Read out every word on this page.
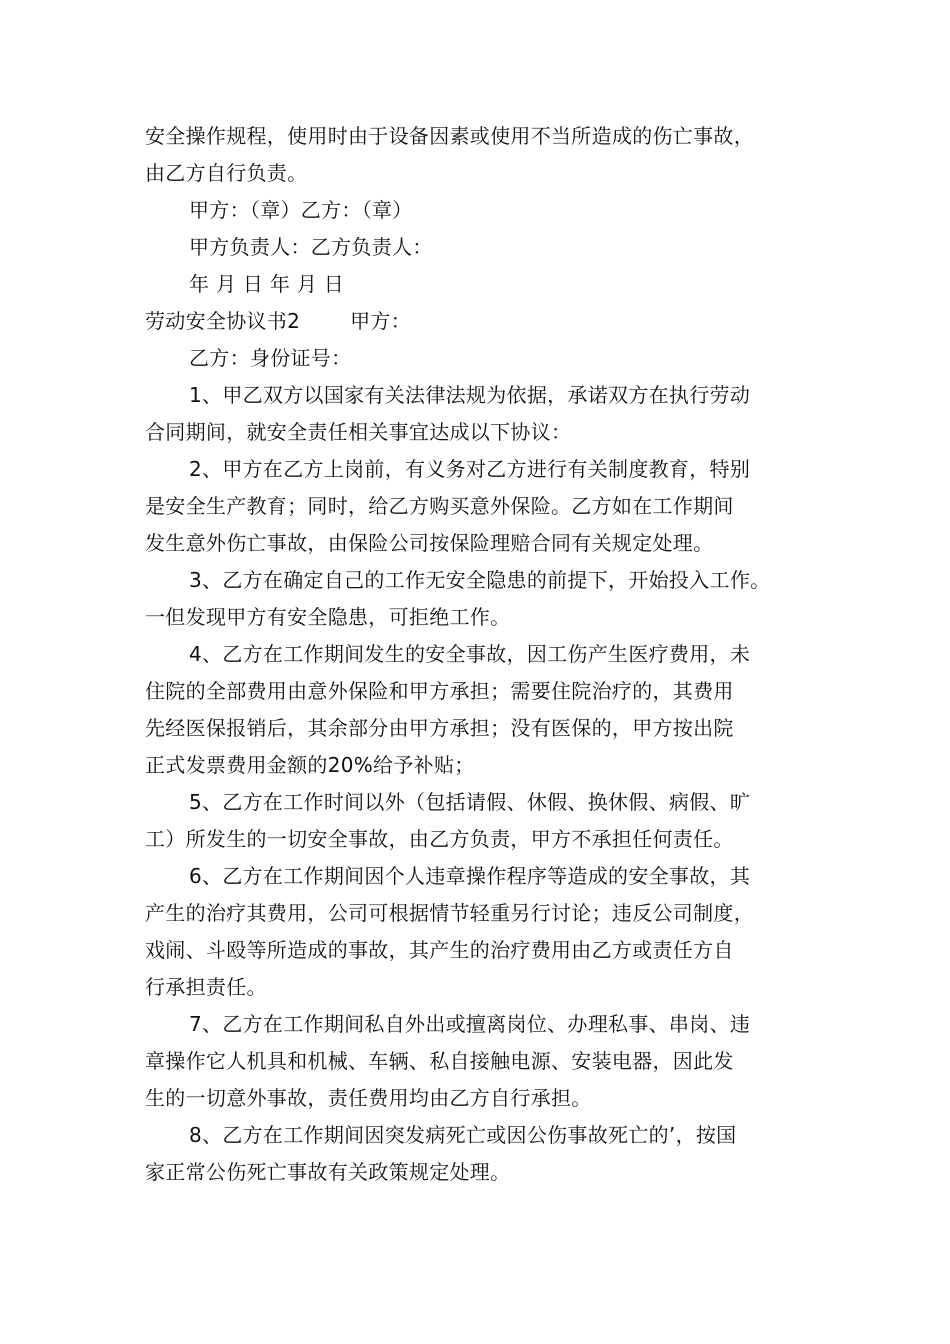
安全操作规程，使用时由于设备因素或使用不当所造成的伤亡事故，
由乙方自行负责。
甲方：（章）乙方：（章）
甲方负责人：乙方负责人：
年 月 日 年 月 日
劳动安全协议书2	甲方：
乙方：身份证号：
1、甲乙双方以国家有关法律法规为依据，承诺双方在执行劳动
合同期间，就安全责任相关事宜达成以下协议：
2、甲方在乙方上岗前，有义务对乙方进行有关制度教育，特别
是安全生产教育；同时，给乙方购买意外保险。乙方如在工作期间
发生意外伤亡事故，由保险公司按保险理赔合同有关规定处理。
3、乙方在确定自己的工作无安全隐患的前提下，开始投入工作。
一但发现甲方有安全隐患，可拒绝工作。
4、乙方在工作期间发生的安全事故，因工伤产生医疗费用，未
住院的全部费用由意外保险和甲方承担；需要住院治疗的，其费用
先经医保报销后，其余部分由甲方承担；没有医保的，甲方按出院
正式发票费用金额的20%给予补贴；
5、乙方在工作时间以外（包括请假、休假、换休假、病假、旷
工）所发生的一切安全事故，由乙方负责，甲方不承担任何责任。
6、乙方在工作期间因个人违章操作程序等造成的安全事故，其
产生的治疗其费用，公司可根据情节轻重另行讨论；违反公司制度，
戏闹、斗殴等所造成的事故，其产生的治疗费用由乙方或责任方自
行承担责任。
7、乙方在工作期间私自外出或擅离岗位、办理私事、串岗、违
章操作它人机具和机械、车辆、私自接触电源、安装电器，因此发
生的一切意外事故，责任费用均由乙方自行承担。
8、乙方在工作期间因突发病死亡或因公伤事故死亡的’，按国
家正常公伤死亡事故有关政策规定处理。
